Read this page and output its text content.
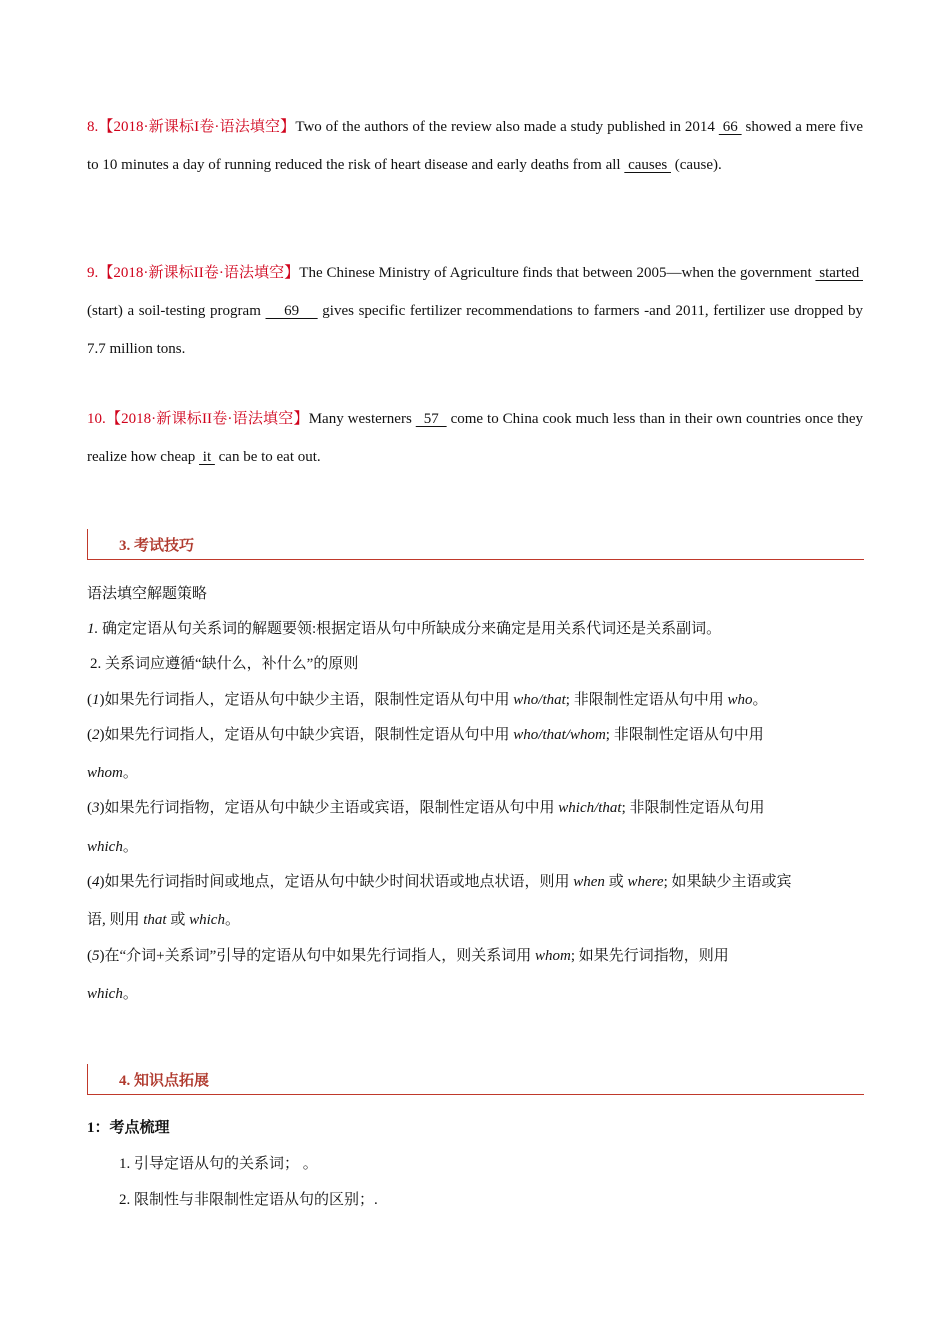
8.【2018·新课标I卷·语法填空】Two of the authors of the review also made a study published in 2014  66  showed a mere five to 10 minutes a day of running reduced the risk of heart disease and early deaths from all  causes  (cause).

9.【2018·新课标II卷·语法填空】The Chinese Ministry of Agriculture finds that between 2005—when the government  started  (start) a soil-testing program     69     gives specific fertilizer recommendations to farmers -and 2011, fertilizer use dropped by 7.7 million tons.

10.【2018·新课标II卷·语法填空】Many westerners   57   come to China cook much less than in their own countries once they realize how cheap  it  can be to eat out.

3. 考试技巧

语法填空解题策略

1. 确定定语从句关系词的解题要领:根据定语从句中所缺成分来确定是用关系代词还是关系副词。

2. 关系词应遵循“缺什么，补什么”的原则

(1)如果先行词指人，定语从句中缺少主语，限制性定语从句中用 who/that; 非限制性定语从句中用 who。

(2)如果先行词指人，定语从句中缺少宾语，限制性定语从句中用 who/that/whom; 非限制性定语从句中用

whom。

(3)如果先行词指物，定语从句中缺少主语或宾语，限制性定语从句中用 which/that; 非限制性定语从句用

which。

(4)如果先行词指时间或地点，定语从句中缺少时间状语或地点状语，则用 when 或 where; 如果缺少主语或宾

语, 则用 that 或 which。

(5)在“介词+关系词”引导的定语从句中如果先行词指人，则关系词用 whom; 如果先行词指物，则用

which。

4. 知识点拓展

1：考点梳理

1. 引导定语从句的关系词； 。

2. 限制性与非限制性定语从句的区别；.
